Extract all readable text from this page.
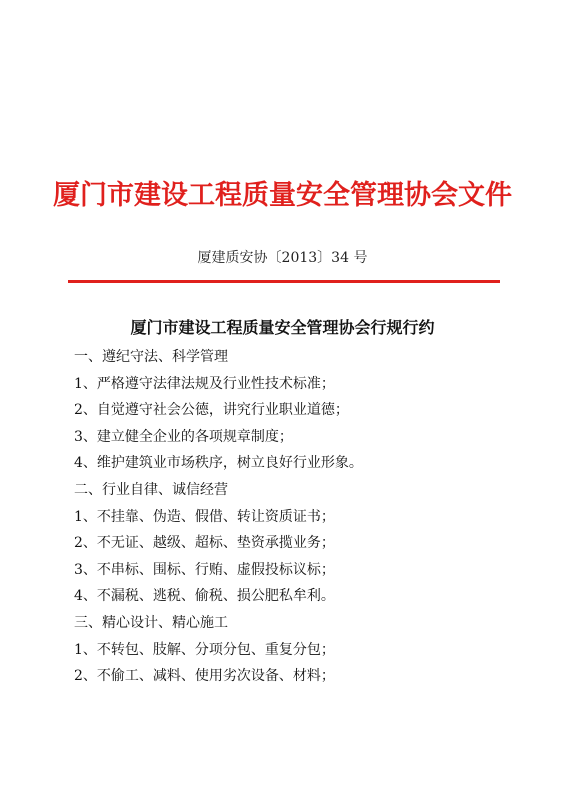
厦门市建设工程质量安全管理协会文件
厦建质安协〔2013〕34 号
厦门市建设工程质量安全管理协会行规行约
一、遵纪守法、科学管理
1、严格遵守法律法规及行业性技术标准；
2、自觉遵守社会公德，讲究行业职业道德；
3、建立健全企业的各项规章制度；
4、维护建筑业市场秩序，树立良好行业形象。
二、行业自律、诚信经营
1、不挂靠、伪造、假借、转让资质证书；
2、不无证、越级、超标、垫资承揽业务；
3、不串标、围标、行贿、虚假投标议标；
4、不漏税、逃税、偷税、损公肥私牟利。
三、精心设计、精心施工
1、不转包、肢解、分项分包、重复分包；
2、不偷工、减料、使用劣次设备、材料；
